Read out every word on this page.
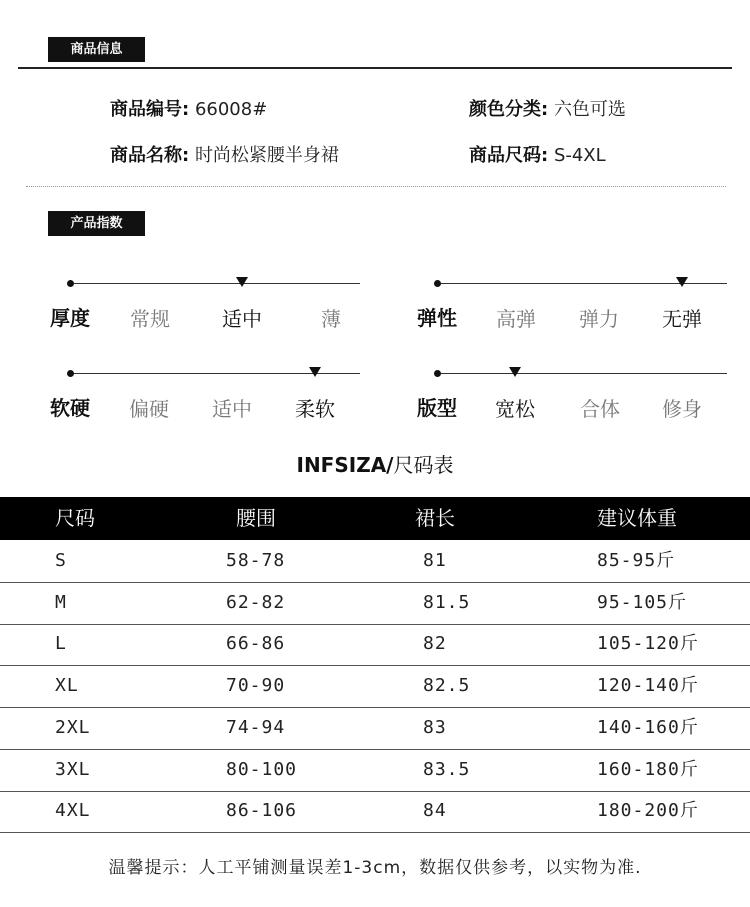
商品信息
商品编号: 66008#	颜色分类: 六色可选
商品名称: 时尚松紧腰半身裙	商品尺码: S-4XL
产品指数
厚度	常规	适中	薄	弹性	高弹	弹力	无弹
软硬	偏硬	适中	柔软	版型	宽松	合体	修身
INFSIZA/尺码表
尺码	腰围	裙长	建议体重
S	58-78	81	85-95斤
M	62-82	81.5	95-105斤
L	66-86	82	105-120斤
XL	70-90	82.5	120-140斤
2XL	74-94	83	140-160斤
3XL	80-100	83.5	160-180斤
4XL	86-106	84	180-200斤
温馨提示：人工平铺测量误差1-3cm，数据仅供参考，以实物为准.
